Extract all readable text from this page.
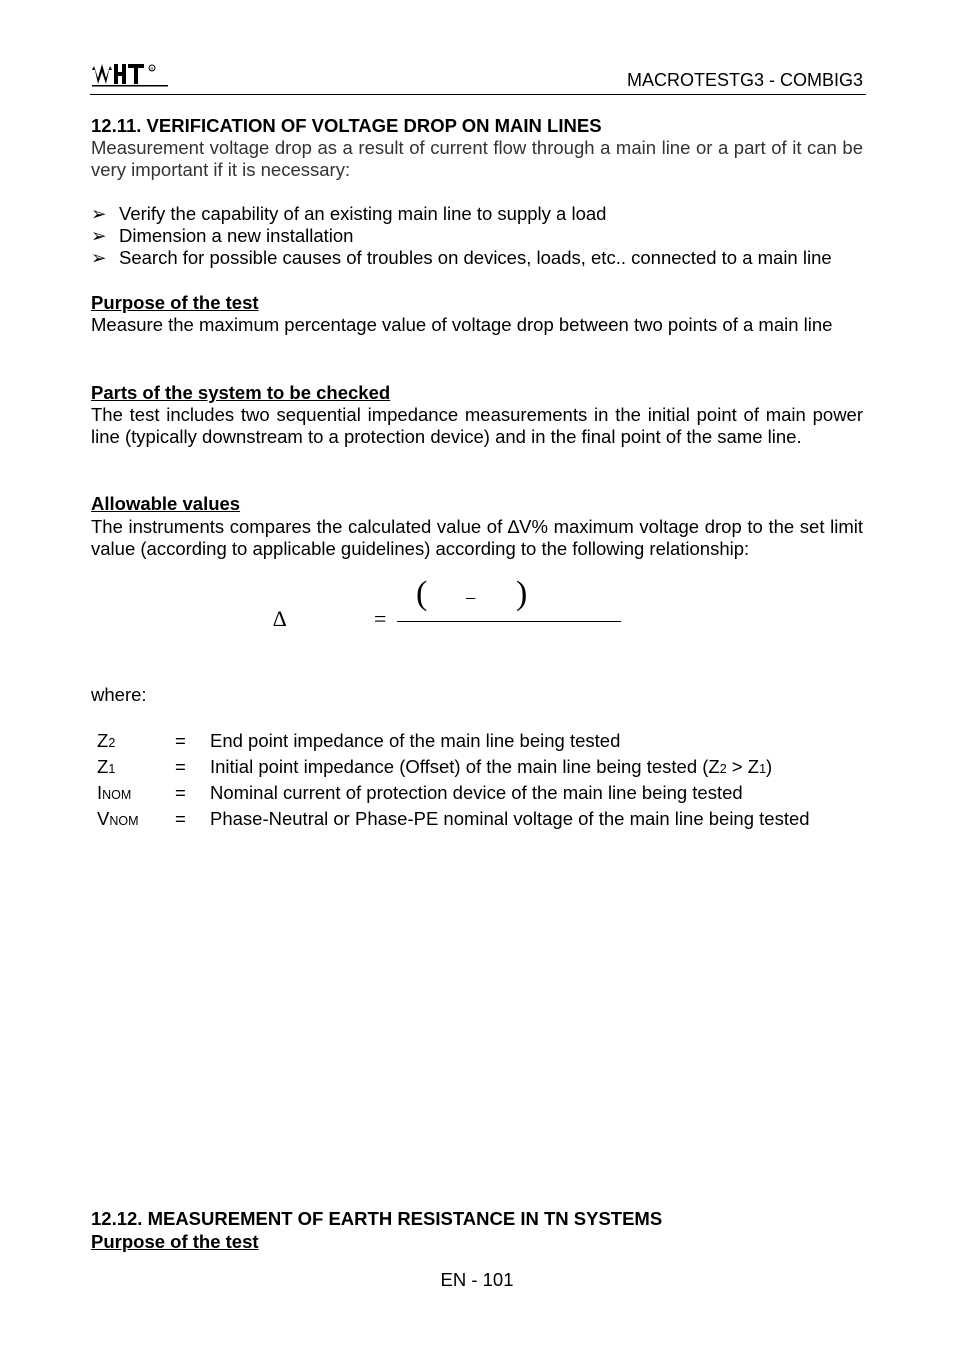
R
MACROTESTG3 - COMBIG3
12.11. VERIFICATION OF VOLTAGE DROP ON MAIN LINES
Measurement voltage drop as a result of current flow through a main line or a part of it can be very important if it is necessary:
➢ Verify the capability of an existing main line to supply a load
➢ Dimension a new installation
➢ Search for possible causes of troubles on devices, loads, etc.. connected to a main line
Purpose of the test
Measure the maximum percentage value of voltage drop between two points of a main line
Parts of the system to be checked
The test includes two sequential impedance measurements in the initial point of main power line (typically downstream to a protection device) and in the final point of the same line.
Allowable values
The instruments compares the calculated value of ∆V% maximum voltage drop to the set limit value (according to applicable guidelines) according to the following relationship:
∆	=
( − )
where:
Z2	= End point impedance of the main line being tested
Z1	= Initial point impedance (Offset) of the main line being tested (Z2 > Z1)
INOM = Nominal current of protection device of the main line being tested
VNOM = Phase-Neutral or Phase-PE nominal voltage of the main line being tested
12.12. MEASUREMENT OF EARTH RESISTANCE IN TN SYSTEMS
Purpose of the test
EN - 101
